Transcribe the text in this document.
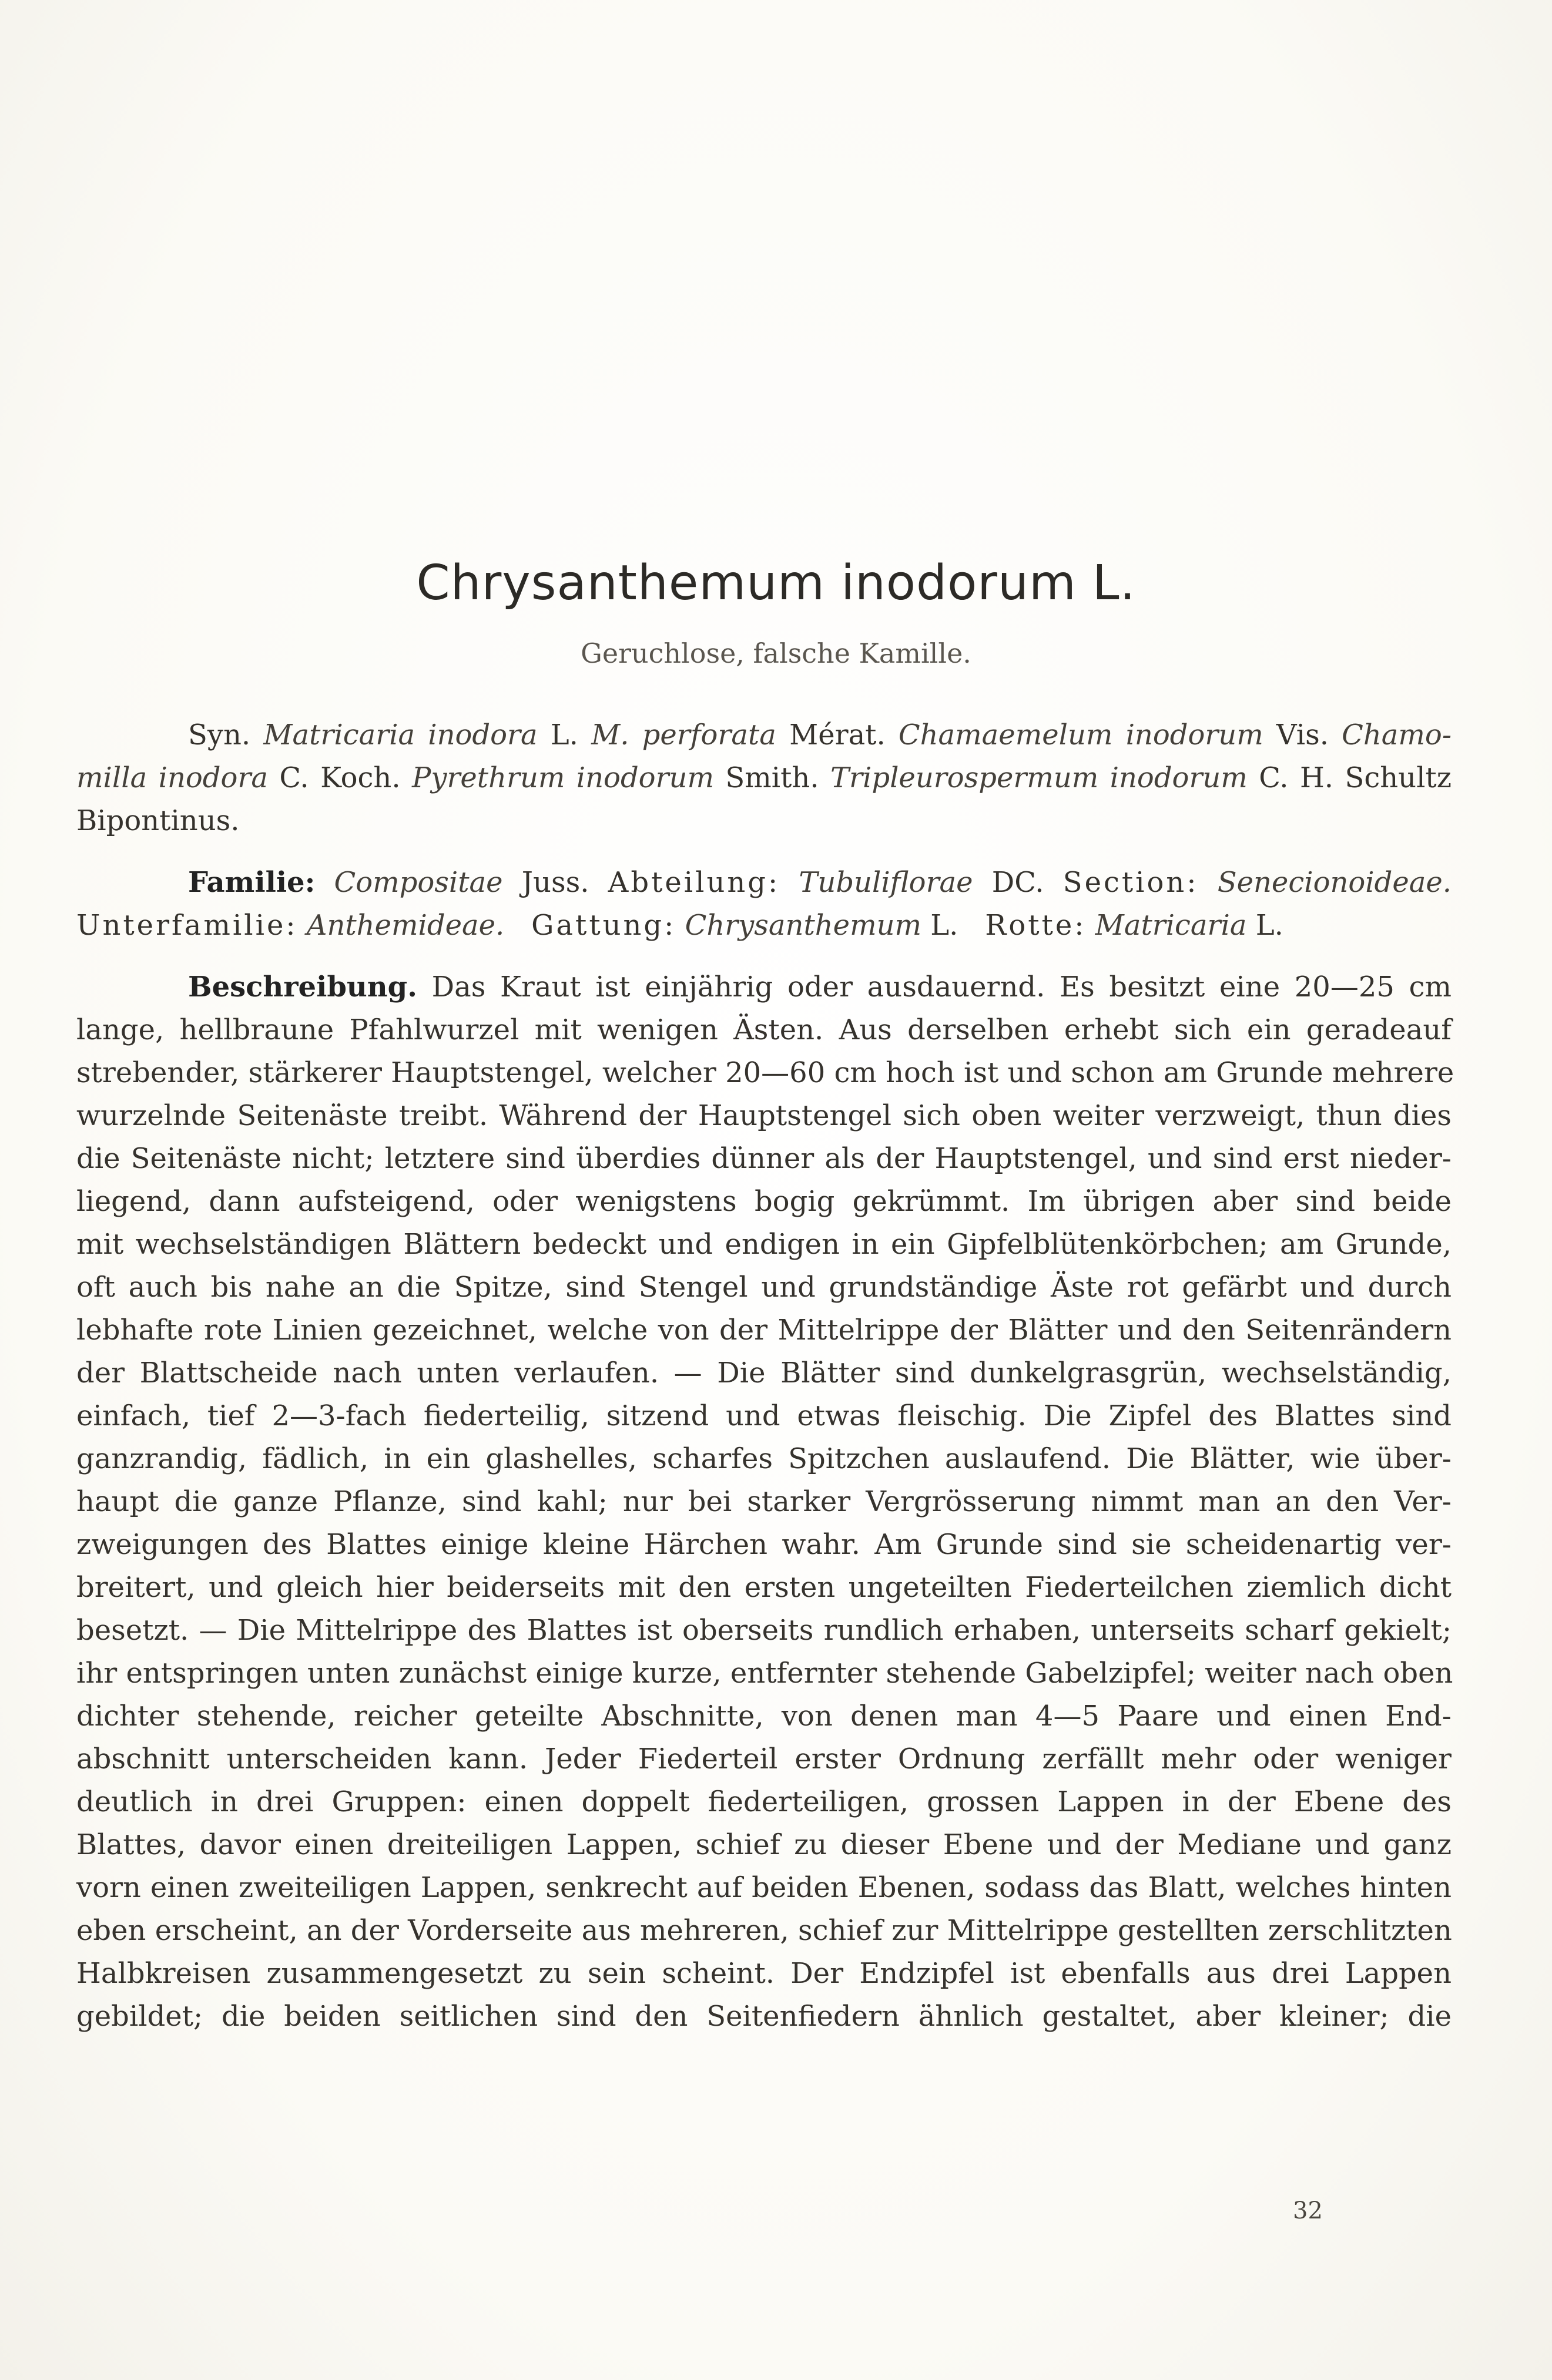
Chrysanthemum inodorum L.
Geruchlose, falsche Kamille.
Syn. Matricaria inodora L. M. perforata Mérat. Chamaemelum inodorum Vis. Chamo-
milla inodora C. Koch. Pyrethrum inodorum Smith. Tripleurospermum inodorum C. H. Schultz
Bipontinus.
Familie: Compositae Juss. Abteilung: Tubuliflorae DC. Section: Senecionoideae.
Unterfamilie: Anthemideae. Gattung: Chrysanthemum L. Rotte: Matricaria L.
Beschreibung. Das Kraut ist einjährig oder ausdauernd. Es besitzt eine 20—25 cm
lange, hellbraune Pfahlwurzel mit wenigen Ästen. Aus derselben erhebt sich ein geradeauf
strebender, stärkerer Hauptstengel, welcher 20—60 cm hoch ist und schon am Grunde mehrere
wurzelnde Seitenäste treibt. Während der Hauptstengel sich oben weiter verzweigt, thun dies
die Seitenäste nicht; letztere sind überdies dünner als der Hauptstengel, und sind erst nieder-
liegend, dann aufsteigend, oder wenigstens bogig gekrümmt. Im übrigen aber sind beide
mit wechselständigen Blättern bedeckt und endigen in ein Gipfelblütenkörbchen; am Grunde,
oft auch bis nahe an die Spitze, sind Stengel und grundständige Äste rot gefärbt und durch
lebhafte rote Linien gezeichnet, welche von der Mittelrippe der Blätter und den Seitenrändern
der Blattscheide nach unten verlaufen. — Die Blätter sind dunkelgrasgrün, wechselständig,
einfach, tief 2—3-fach fiederteilig, sitzend und etwas fleischig. Die Zipfel des Blattes sind
ganzrandig, fädlich, in ein glashelles, scharfes Spitzchen auslaufend. Die Blätter, wie über-
haupt die ganze Pflanze, sind kahl; nur bei starker Vergrösserung nimmt man an den Ver-
zweigungen des Blattes einige kleine Härchen wahr. Am Grunde sind sie scheidenartig ver-
breitert, und gleich hier beiderseits mit den ersten ungeteilten Fiederteilchen ziemlich dicht
besetzt. — Die Mittelrippe des Blattes ist oberseits rundlich erhaben, unterseits scharf gekielt;
ihr entspringen unten zunächst einige kurze, entfernter stehende Gabelzipfel; weiter nach oben
dichter stehende, reicher geteilte Abschnitte, von denen man 4—5 Paare und einen End-
abschnitt unterscheiden kann. Jeder Fiederteil erster Ordnung zerfällt mehr oder weniger
deutlich in drei Gruppen: einen doppelt fiederteiligen, grossen Lappen in der Ebene des
Blattes, davor einen dreiteiligen Lappen, schief zu dieser Ebene und der Mediane und ganz
vorn einen zweiteiligen Lappen, senkrecht auf beiden Ebenen, sodass das Blatt, welches hinten
eben erscheint, an der Vorderseite aus mehreren, schief zur Mittelrippe gestellten zerschlitzten
Halbkreisen zusammengesetzt zu sein scheint. Der Endzipfel ist ebenfalls aus drei Lappen
gebildet; die beiden seitlichen sind den Seitenfiedern ähnlich gestaltet, aber kleiner; die
32
